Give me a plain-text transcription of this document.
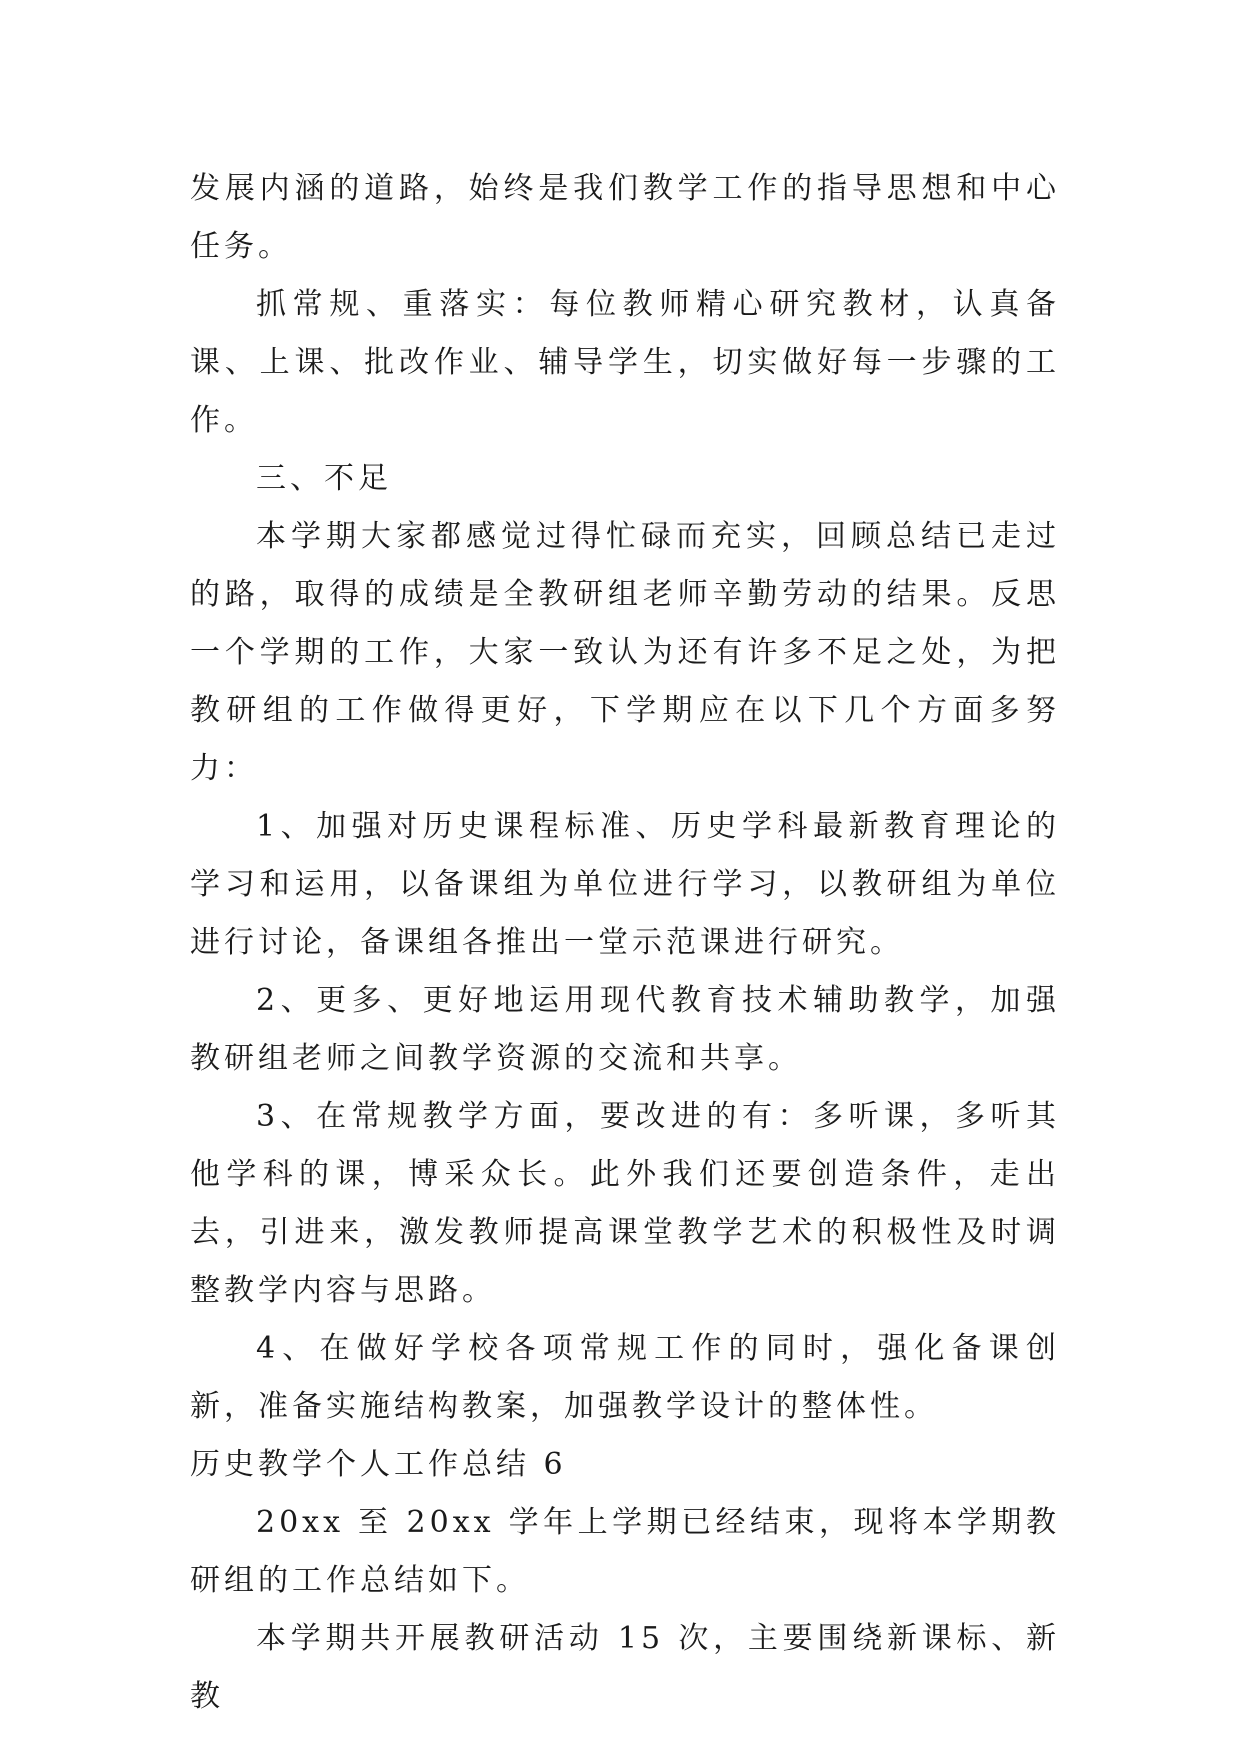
发展内涵的道路，始终是我们教学工作的指导思想和中心任务。

抓常规、重落实：每位教师精心研究教材，认真备课、上课、批改作业、辅导学生，切实做好每一步骤的工作。

三、不足

本学期大家都感觉过得忙碌而充实，回顾总结已走过的路，取得的成绩是全教研组老师辛勤劳动的结果。反思一个学期的工作，大家一致认为还有许多不足之处，为把教研组的工作做得更好，下学期应在以下几个方面多努力：

1、加强对历史课程标准、历史学科最新教育理论的学习和运用，以备课组为单位进行学习，以教研组为单位进行讨论，备课组各推出一堂示范课进行研究。

2、更多、更好地运用现代教育技术辅助教学，加强教研组老师之间教学资源的交流和共享。

3、在常规教学方面，要改进的有：多听课，多听其他学科的课，博采众长。此外我们还要创造条件，走出去，引进来，激发教师提高课堂教学艺术的积极性及时调整教学内容与思路。

4、在做好学校各项常规工作的同时，强化备课创新，准备实施结构教案，加强教学设计的整体性。

历史教学个人工作总结 6

20xx 至 20xx 学年上学期已经结束，现将本学期教研组的工作总结如下。

本学期共开展教研活动 15 次，主要围绕新课标、新教
